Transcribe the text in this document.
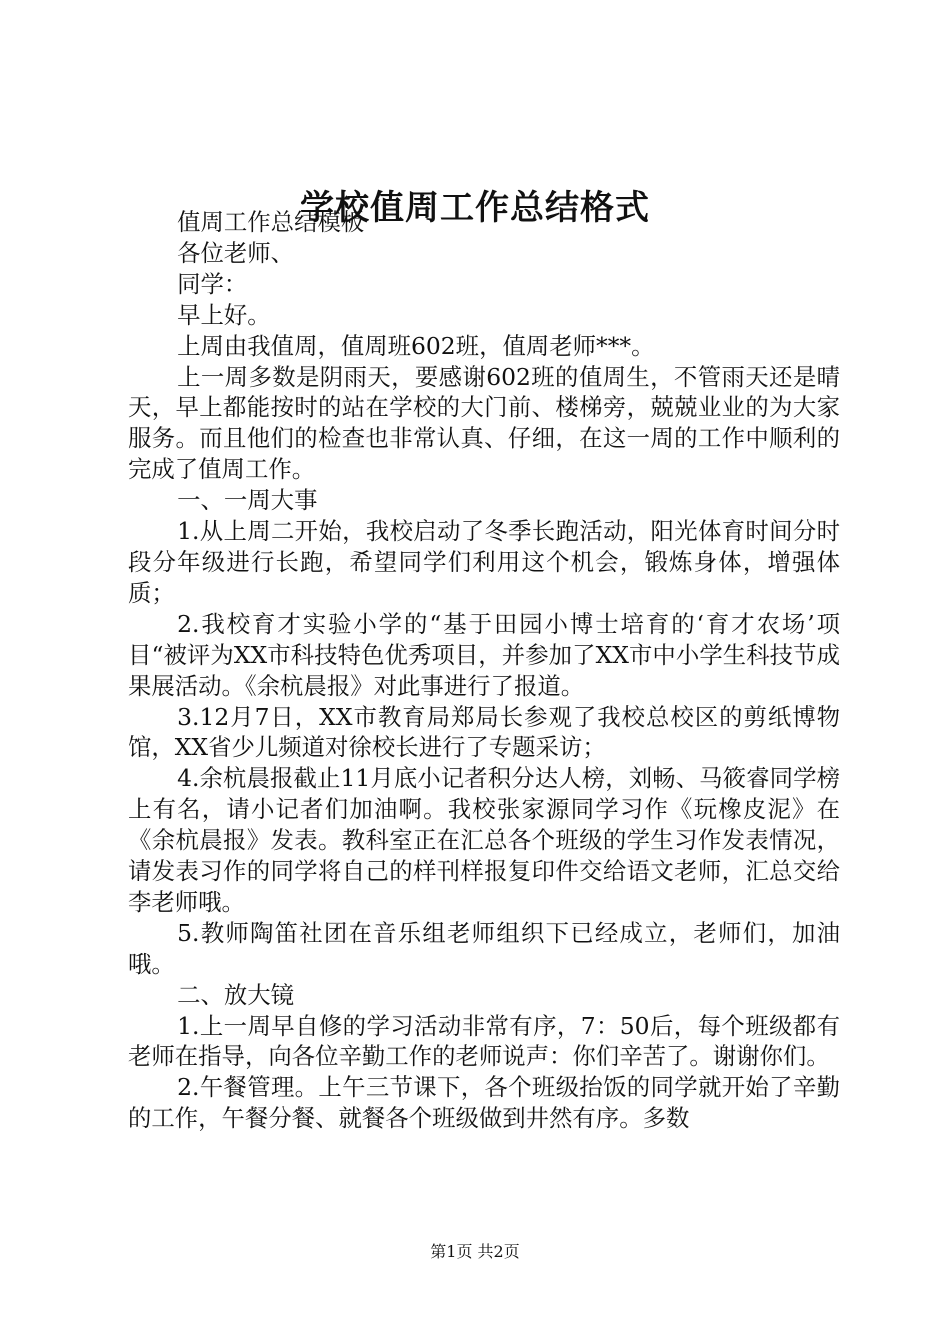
学校值周工作总结格式

值周工作总结模板

各位老师、

同学：

早上好。

上周由我值周，值周班602班，值周老师***。

上一周多数是阴雨天，要感谢602班的值周生，不管雨天还是晴天，早上都能按时的站在学校的大门前、楼梯旁，兢兢业业的为大家服务。而且他们的检查也非常认真、仔细，在这一周的工作中顺利的完成了值周工作。

一、一周大事

1.从上周二开始，我校启动了冬季长跑活动，阳光体育时间分时段分年级进行长跑，希望同学们利用这个机会，锻炼身体，增强体质；

2.我校育才实验小学的“基于田园小博士培育的‘育才农场’项目“被评为XX市科技特色优秀项目，并参加了XX市中小学生科技节成果展活动。《余杭晨报》对此事进行了报道。

3.12月7日，XX市教育局郑局长参观了我校总校区的剪纸博物馆，XX省少儿频道对徐校长进行了专题采访；

4.余杭晨报截止11月底小记者积分达人榜，刘畅、马筱睿同学榜上有名，请小记者们加油啊。我校张家源同学习作《玩橡皮泥》在《余杭晨报》发表。教科室正在汇总各个班级的学生习作发表情况，请发表习作的同学将自己的样刊样报复印件交给语文老师，汇总交给李老师哦。

5.教师陶笛社团在音乐组老师组织下已经成立，老师们，加油哦。

二、放大镜

1.上一周早自修的学习活动非常有序，7：50后，每个班级都有老师在指导，向各位辛勤工作的老师说声：你们辛苦了。谢谢你们。

2.午餐管理。上午三节课下，各个班级抬饭的同学就开始了辛勤的工作，午餐分餐、就餐各个班级做到井然有序。多数

第1页 共2页
